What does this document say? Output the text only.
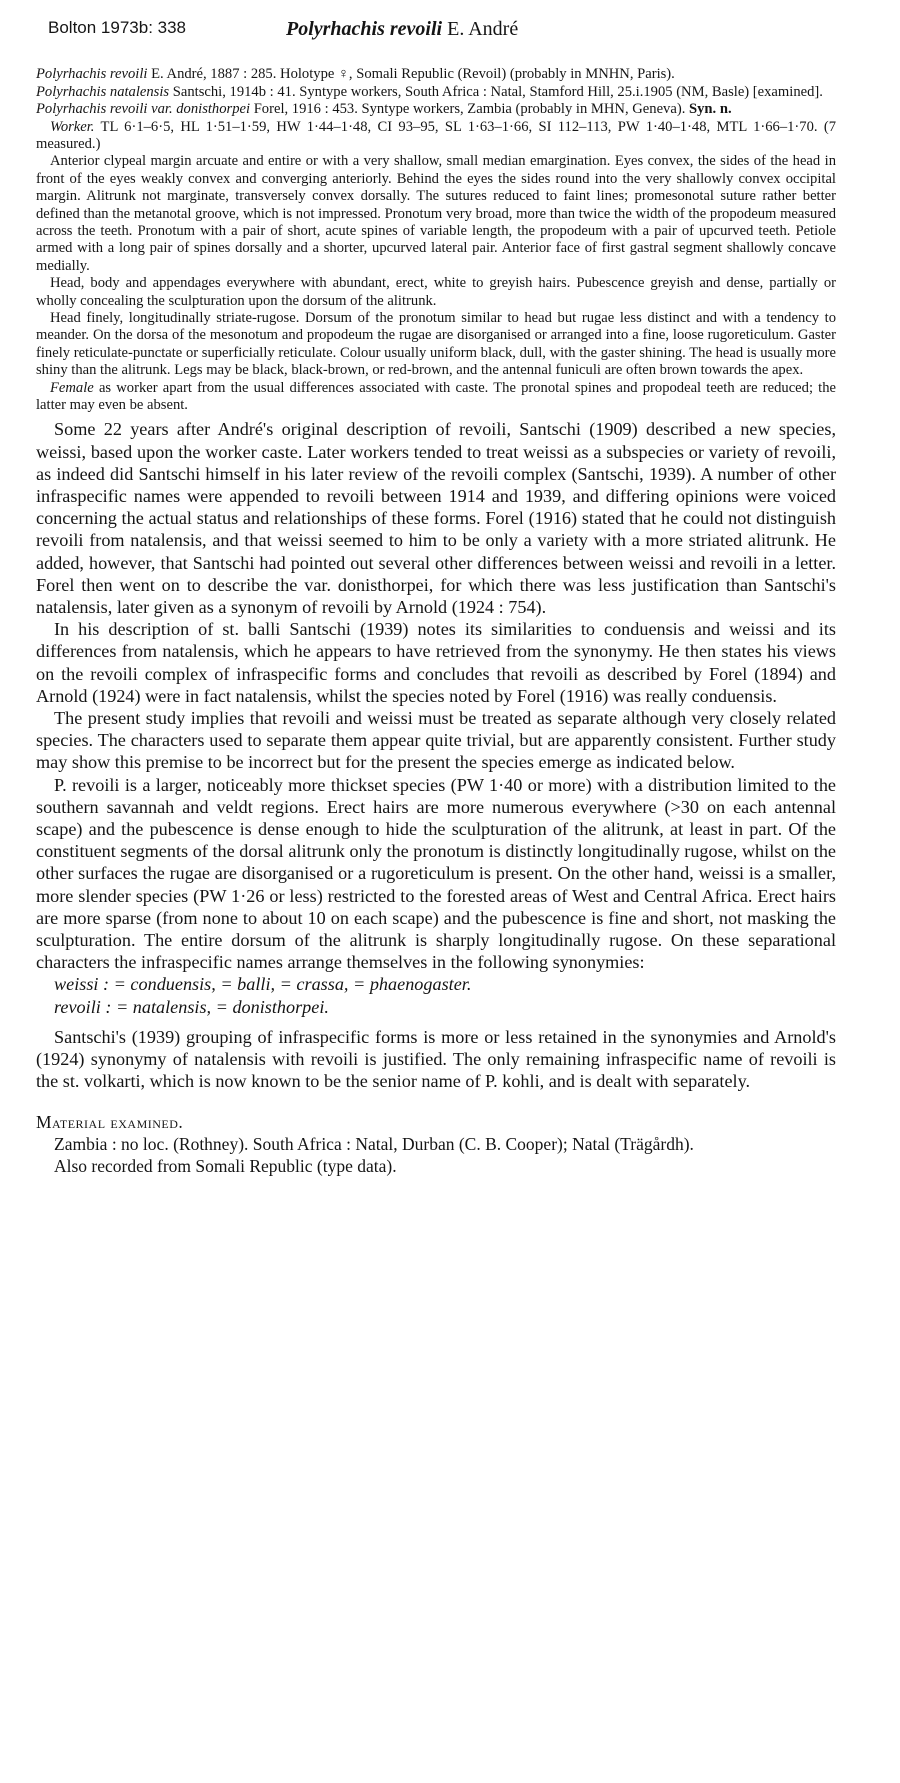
Bolton 1973b: 338	Polyrhachis revoili E. André

Polyrhachis revoili E. André, 1887 : 285. Holotype ♀, Somali Republic (Revoil) (probably in MNHN, Paris).

Polyrhachis natalensis Santschi, 1914b : 41. Syntype workers, South Africa : Natal, Stamford Hill, 25.i.1905 (NM, Basle) [examined].

Polyrhachis revoili var. donisthorpei Forel, 1916 : 453. Syntype workers, Zambia (probably in MHN, Geneva). Syn. n.

Worker. TL 6·1–6·5, HL 1·51–1·59, HW 1·44–1·48, CI 93–95, SL 1·63–1·66, SI 112–113, PW 1·40–1·48, MTL 1·66–1·70. (7 measured.)

Anterior clypeal margin arcuate and entire or with a very shallow, small median emargination. Eyes convex, the sides of the head in front of the eyes weakly convex and converging anteriorly. Behind the eyes the sides round into the very shallowly convex occipital margin. Alitrunk not marginate, transversely convex dorsally. The sutures reduced to faint lines; promesonotal suture rather better defined than the metanotal groove, which is not impressed. Pronotum very broad, more than twice the width of the propodeum measured across the teeth. Pronotum with a pair of short, acute spines of variable length, the propodeum with a pair of upcurved teeth. Petiole armed with a long pair of spines dorsally and a shorter, upcurved lateral pair. Anterior face of first gastral segment shallowly concave medially.

Head, body and appendages everywhere with abundant, erect, white to greyish hairs. Pubescence greyish and dense, partially or wholly concealing the sculpturation upon the dorsum of the alitrunk.

Head finely, longitudinally striate-rugose. Dorsum of the pronotum similar to head but rugae less distinct and with a tendency to meander. On the dorsa of the mesonotum and propodeum the rugae are disorganised or arranged into a fine, loose rugoreticulum. Gaster finely reticulate-punctate or superficially reticulate. Colour usually uniform black, dull, with the gaster shining. The head is usually more shiny than the alitrunk. Legs may be black, black-brown, or red-brown, and the antennal funiculi are often brown towards the apex.

Female as worker apart from the usual differences associated with caste. The pronotal spines and propodeal teeth are reduced; the latter may even be absent.

Some 22 years after André's original description of revoili, Santschi (1909) described a new species, weissi, based upon the worker caste. Later workers tended to treat weissi as a subspecies or variety of revoili, as indeed did Santschi himself in his later review of the revoili complex (Santschi, 1939). A number of other infraspecific names were appended to revoili between 1914 and 1939, and differing opinions were voiced concerning the actual status and relationships of these forms. Forel (1916) stated that he could not distinguish revoili from natalensis, and that weissi seemed to him to be only a variety with a more striated alitrunk. He added, however, that Santschi had pointed out several other differences between weissi and revoili in a letter. Forel then went on to describe the var. donisthorpei, for which there was less justification than Santschi's natalensis, later given as a synonym of revoili by Arnold (1924 : 754).

In his description of st. balli Santschi (1939) notes its similarities to conduensis and weissi and its differences from natalensis, which he appears to have retrieved from the synonymy. He then states his views on the revoili complex of infraspecific forms and concludes that revoili as described by Forel (1894) and Arnold (1924) were in fact natalensis, whilst the species noted by Forel (1916) was really conduensis.

The present study implies that revoili and weissi must be treated as separate although very closely related species. The characters used to separate them appear quite trivial, but are apparently consistent. Further study may show this premise to be incorrect but for the present the species emerge as indicated below.

P. revoili is a larger, noticeably more thickset species (PW 1·40 or more) with a distribution limited to the southern savannah and veldt regions. Erect hairs are more numerous everywhere (>30 on each antennal scape) and the pubescence is dense enough to hide the sculpturation of the alitrunk, at least in part. Of the constituent segments of the dorsal alitrunk only the pronotum is distinctly longitudinally rugose, whilst on the other surfaces the rugae are disorganised or a rugoreticulum is present. On the other hand, weissi is a smaller, more slender species (PW 1·26 or less) restricted to the forested areas of West and Central Africa. Erect hairs are more sparse (from none to about 10 on each scape) and the pubescence is fine and short, not masking the sculpturation. The entire dorsum of the alitrunk is sharply longitudinally rugose. On these separational characters the infraspecific names arrange themselves in the following synonymies:

weissi : = conduensis, = balli, = crassa, = phaenogaster.

revoili : = natalensis, = donisthorpei.

Santschi's (1939) grouping of infraspecific forms is more or less retained in the synonymies and Arnold's (1924) synonymy of natalensis with revoili is justified. The only remaining infraspecific name of revoili is the st. volkarti, which is now known to be the senior name of P. kohli, and is dealt with separately.

Material examined.

Zambia : no loc. (Rothney). South Africa : Natal, Durban (C. B. Cooper); Natal (Trägårdh).

Also recorded from Somali Republic (type data).
